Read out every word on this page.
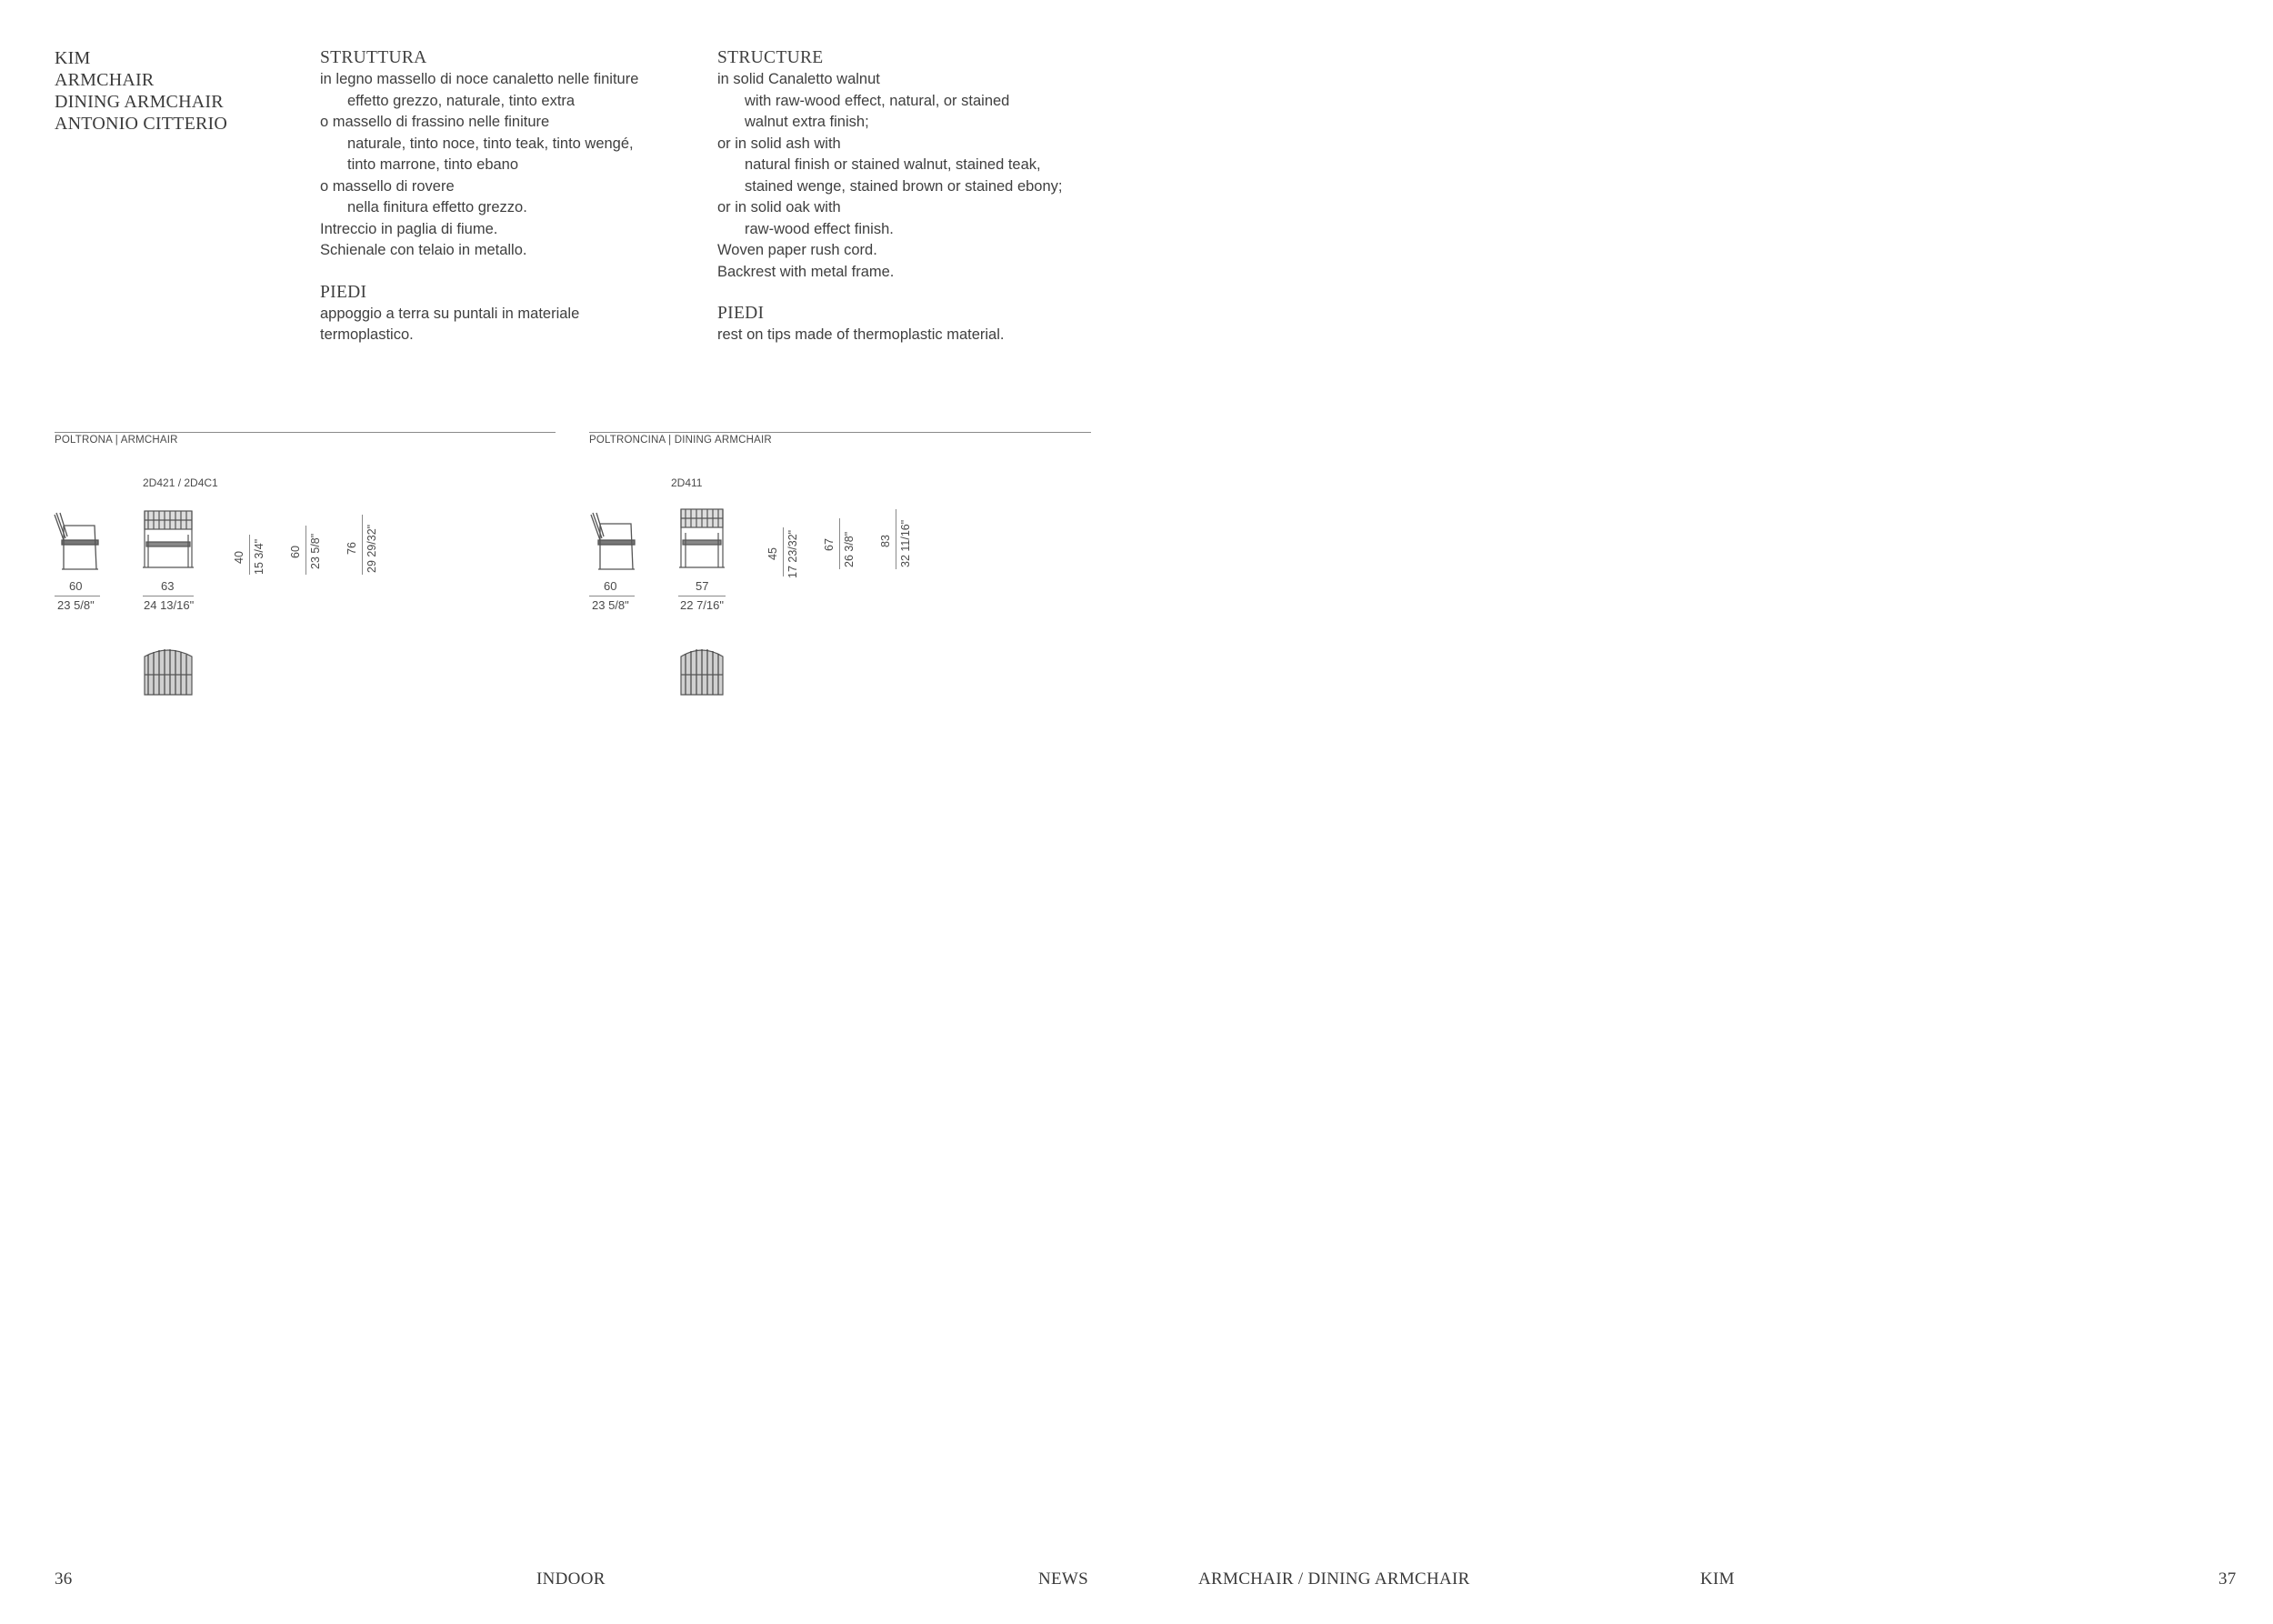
KIM
ARMCHAIR
DINING ARMCHAIR
ANTONIO CITTERIO
STRUTTURA
in legno massello di noce canaletto nelle finiture
effetto grezzo, naturale, tinto extra
o massello di frassino nelle finiture
naturale, tinto noce, tinto teak, tinto wengé,
tinto marrone, tinto ebano
o massello di rovere
nella finitura effetto grezzo.
Intreccio in paglia di fiume.
Schienale con telaio in metallo.
PIEDI
appoggio a terra su puntali in materiale
termoplastico.
STRUCTURE
in solid Canaletto walnut
with raw-wood effect, natural, or stained
walnut extra finish;
or in solid ash with
natural finish or stained walnut, stained teak,
stained wenge, stained brown or stained ebony;
or in solid oak with
raw-wood effect finish.
Woven paper rush cord.
Backrest with metal frame.
PIEDI
rest on tips made of thermoplastic material.
POLTRONA | ARMCHAIR
2D421 / 2D4C1
60
23 5/8"
63
24 13/16"
40 15 3/4" 60 23 5/8" 76 29 29/32"
POLTRONCINA | DINING ARMCHAIR
2D411
60
23 5/8"
57
22 7/16"
45 17 23/32" 67 26 3/8" 83 32 11/16"
36	INDOOR	NEWS	ARMCHAIR / DINING ARMCHAIR	KIM	37
